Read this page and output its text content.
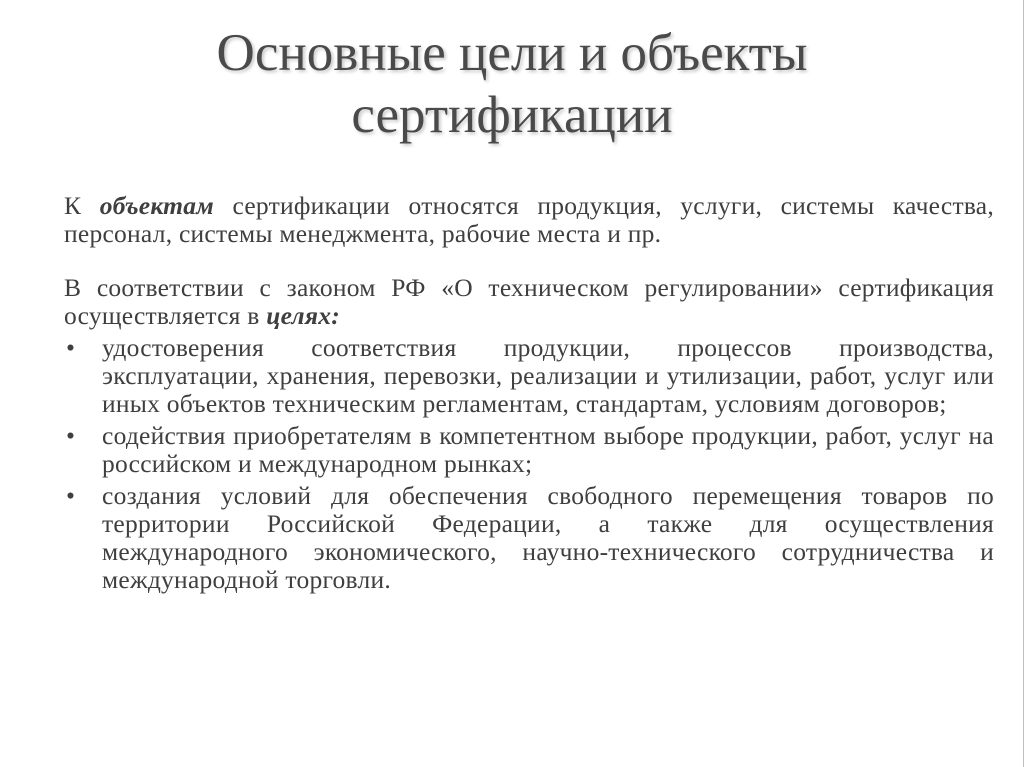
Основные цели и объекты сертификации

К объектам сертификации относятся продукция, услуги, системы качества, персонал, системы менеджмента, рабочие места и пр.

В соответствии с законом РФ «О техническом регулировании» сертификация осуществляется в целях:

• удостоверения соответствия продукции, процессов производства, эксплуатации, хранения, перевозки, реализации и утилизации, работ, услуг или иных объектов техническим регламентам, стандартам, условиям договоров;
• содействия приобретателям в компетентном выборе продукции, работ, услуг на российском и международном рынках;
• создания условий для обеспечения свободного перемещения товаров по территории Российской Федерации, а также для осуществления международного экономического, научно-технического сотрудничества и международной торговли.
